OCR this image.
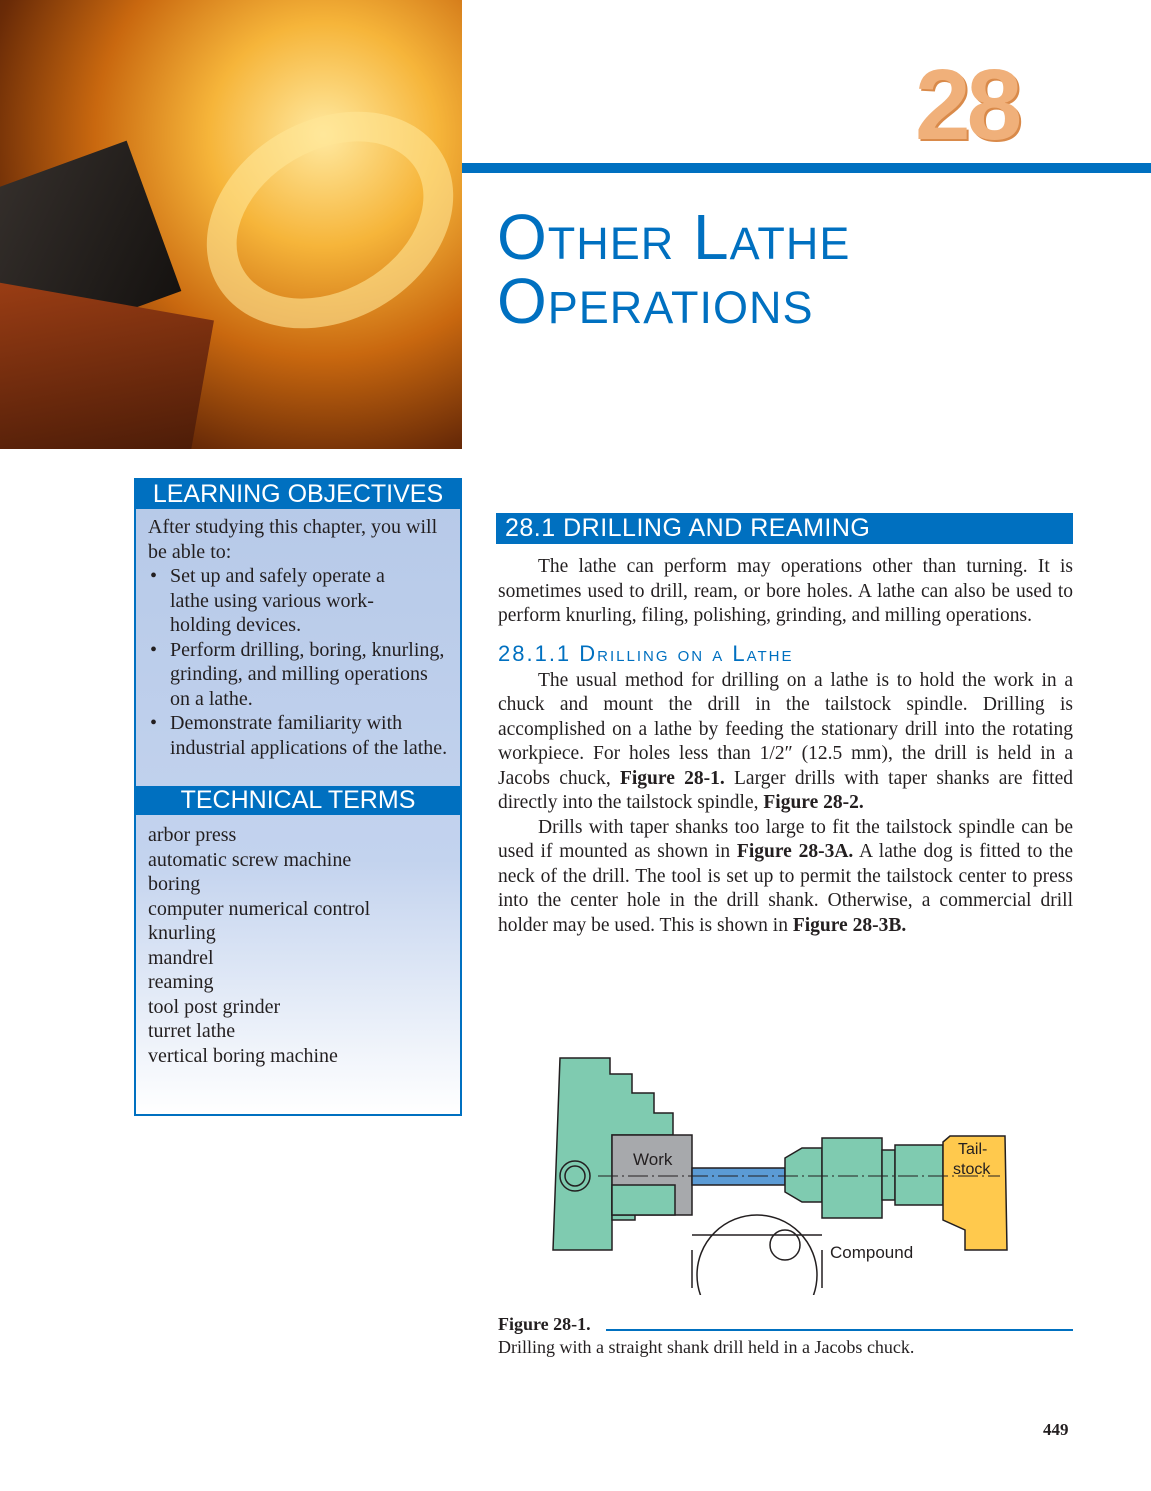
28
Other Lathe
Operations
LEARNING OBJECTIVES
After studying this chapter, you will be able to:
• Set up and safely operate a lathe using various work-holding devices.
• Perform drilling, boring, knurling, grinding, and milling operations on a lathe.
• Demonstrate familiarity with industrial applications of the lathe.
TECHNICAL TERMS
arbor press
automatic screw machine
boring
computer numerical control
knurling
mandrel
reaming
tool post grinder
turret lathe
vertical boring machine
28.1 DRILLING AND REAMING

The lathe can perform may operations other than turning. It is sometimes used to drill, ream, or bore holes. A lathe can also be used to perform knurling, filing, polishing, grinding, and milling operations.

28.1.1 Drilling on a Lathe

The usual method for drilling on a lathe is to hold the work in a chuck and mount the drill in the tailstock spindle. Drilling is accomplished on a lathe by feeding the stationary drill into the rotating workpiece. For holes less than 1/2″ (12.5 mm), the drill is held in a Jacobs chuck, Figure 28-1. Larger drills with taper shanks are fitted directly into the tailstock spindle, Figure 28-2.

Drills with taper shanks too large to fit the tailstock spindle can be used if mounted as shown in Figure 28-3A. A lathe dog is fitted to the neck of the drill. The tool is set up to permit the tailstock center to press into the center hole in the drill shank. Otherwise, a commercial drill holder may be used. This is shown in Figure 28-3B.

Work
Tail-
stock
Compound
Figure 28-1.
Drilling with a straight shank drill held in a Jacobs chuck.
449
